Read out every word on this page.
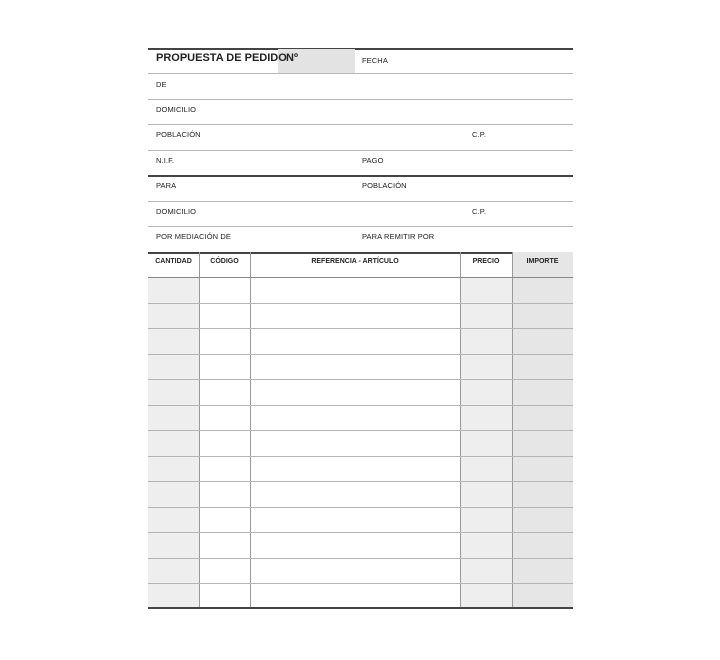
PROPUESTA DE PEDIDO Nº	FECHA
DE
DOMICILIO
POBLACIÓN	C.P.
N.I.F.	PAGO
PARA	POBLACIÓN
DOMICILIO	C.P.
POR MEDIACIÓN DE	PARA REMITIR POR
CANTIDAD	CÓDIGO	REFERENCIA - ARTÍCULO	PRECIO	IMPORTE
